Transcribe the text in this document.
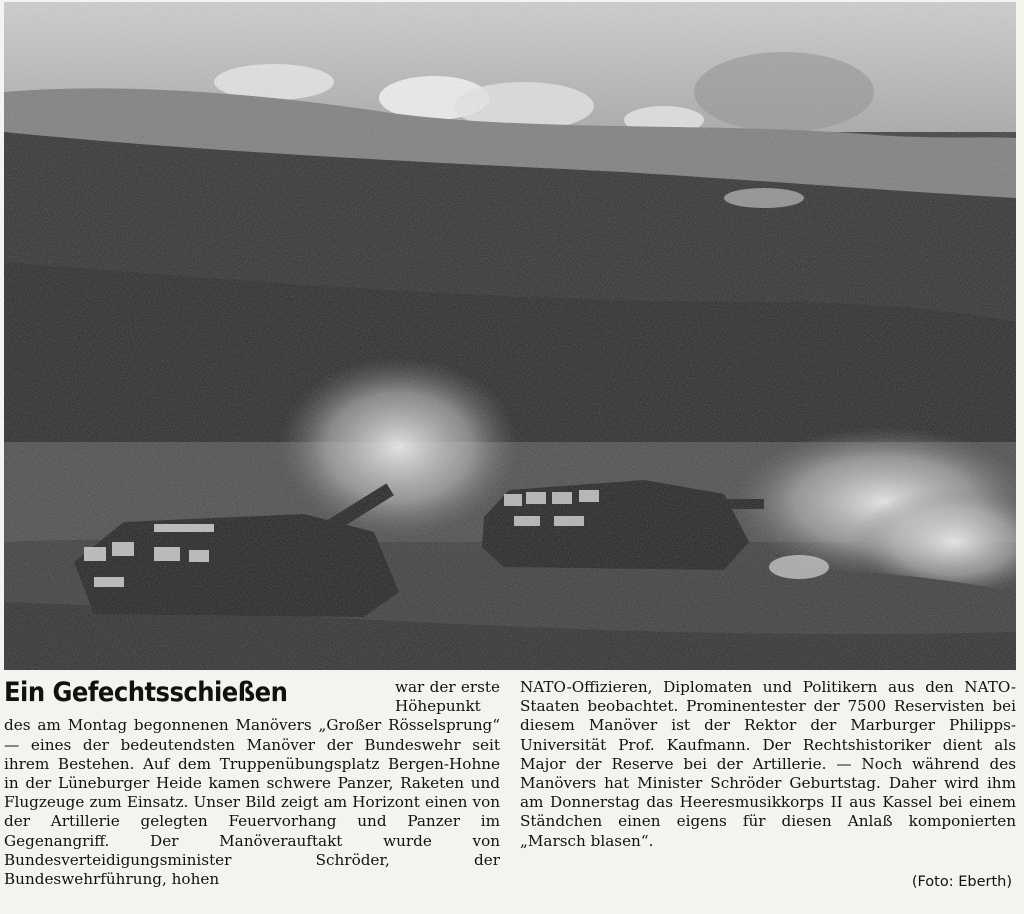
Ein Gefechtsschießen	war der erste Höhepunkt des am Montag begonnenen Manövers „Großer Rösselsprung“ — eines der bedeutendsten Manöver der Bundeswehr seit ihrem Bestehen. Auf dem Truppenübungsplatz Bergen-Hohne in der Lüneburger Heide kamen schwere Panzer, Raketen und Flugzeuge zum Einsatz. Unser Bild zeigt am Horizont einen von der Artillerie gelegten Feuervorhang und Panzer im Gegenangriff. Der Manöverauftakt wurde von Bundesverteidigungsminister Schröder, der Bundeswehrführung, hohen

NATO-Offizieren, Diplomaten und Politikern aus den NATO-Staaten beobachtet. Prominentester der 7500 Reservisten bei diesem Manöver ist der Rektor der Marburger Philipps-Universität Prof. Kaufmann. Der Rechtshistoriker dient als Major der Reserve bei der Artillerie. — Noch während des Manövers hat Minister Schröder Geburtstag. Daher wird ihm am Donnerstag das Heeresmusikkorps II aus Kassel bei einem Ständchen einen eigens für diesen Anlaß komponierten „Marsch blasen“.

(Foto: Eberth)
